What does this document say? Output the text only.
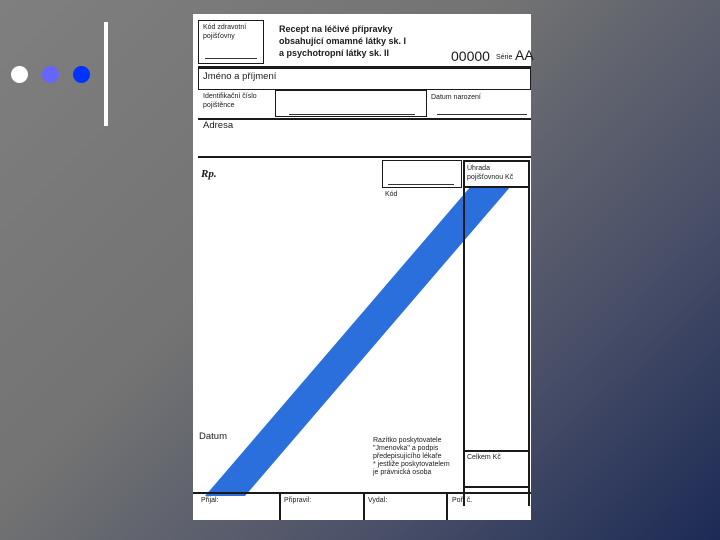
Kód zdravotní
pojišťovny
Recept na léčivé přípravky
obsahující omamné látky sk. I
a psychotropní látky sk. II	00000 Série AA
Jméno a příjmení
Identifikační číslo
pojištěnce
Datum narození
Adresa
Rp.
Kód
Úhrada
pojišťovnou Kč
Datum	Razítko poskytovatele
"Jmenovka" a podpis
předepisujícího lékaře
* jestliže poskytovatelem
je právnická osoba
Celkem Kč
Přijal:	Připravil:	Vydal:	Poř. č.
